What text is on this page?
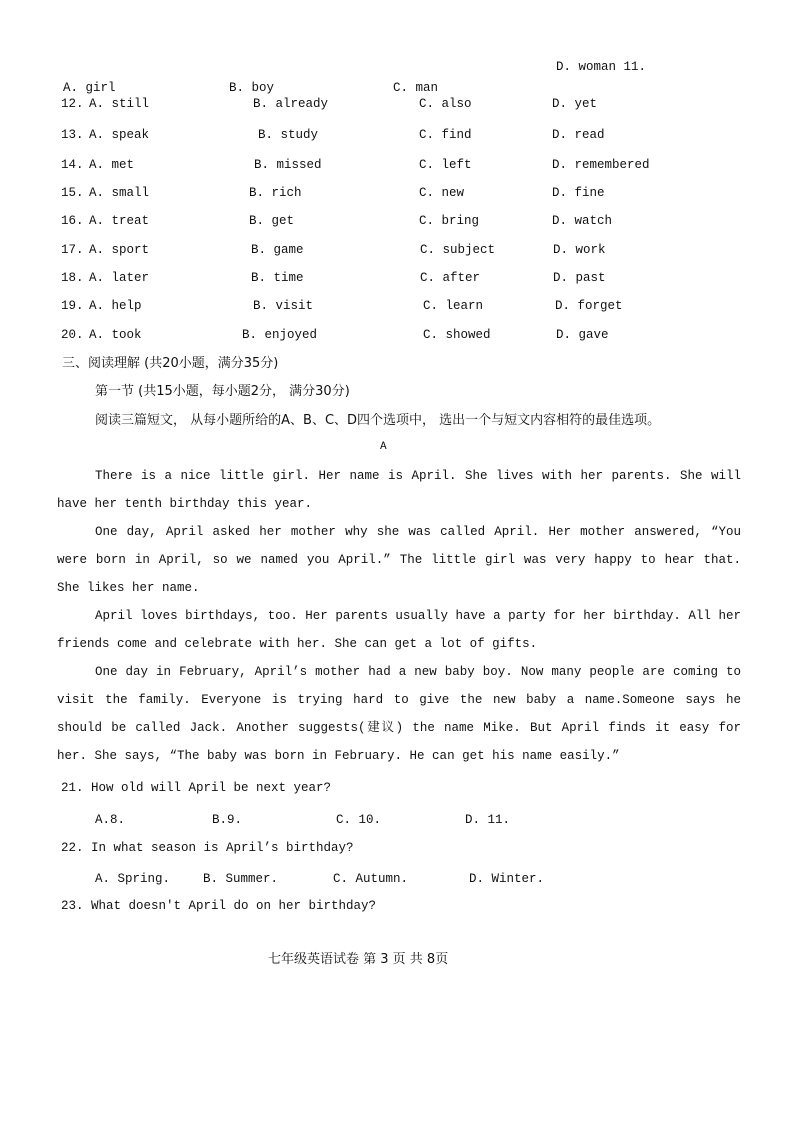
D. woman 11.
A. girl	B. boy	C. man
12. A. still	B. already	C. also	D. yet
13. A. speak	B. study	C. find	D. read
14. A. met	B. missed	C. left	D. remembered
15. A. small	B. rich	C. new	D. fine
16. A. treat	B. get	C. bring	D. watch
17. A. sport	B. game	C. subject	D. work
18. A. later	B. time	C. after	D. past
19. A. help	B. visit	C. learn	D. forget
20. A. took	B. enjoyed	C. showed	D. gave
三、阅读理解 (共20小题，满分35分)
第一节 (共15小题，每小题2分， 满分30分)
阅读三篇短文， 从每小题所给的A、B、C、D四个选项中， 选出一个与短文内容相符的最佳选项。
A

There is a nice little girl. Her name is April. She lives with her parents. She will have her tenth birthday this year.

One day, April asked her mother why she was called April. Her mother answered, “You were born in April, so we named you April.” The little girl was very happy to hear that. She likes her name.

April loves birthdays, too. Her parents usually have a party for her birthday. All her friends come and celebrate with her. She can get a lot of gifts.

One day in February, April’s mother had a new baby boy. Now many people are coming to visit the family. Everyone is trying hard to give the new baby a name.Someone says he should be called Jack. Another suggests(建议) the name Mike. But April finds it easy for her. She says, “The baby was born in February. He can get his name easily.”

21. How old will April be next year?
A.8.	B.9.	C. 10.	D. 11.
22. In what season is April’s birthday?
A. Spring.	B. Summer.	C. Autumn.	D. Winter.
23. What doesn't April do on her birthday?
七年级英语试卷 第 3 页 共 8页
